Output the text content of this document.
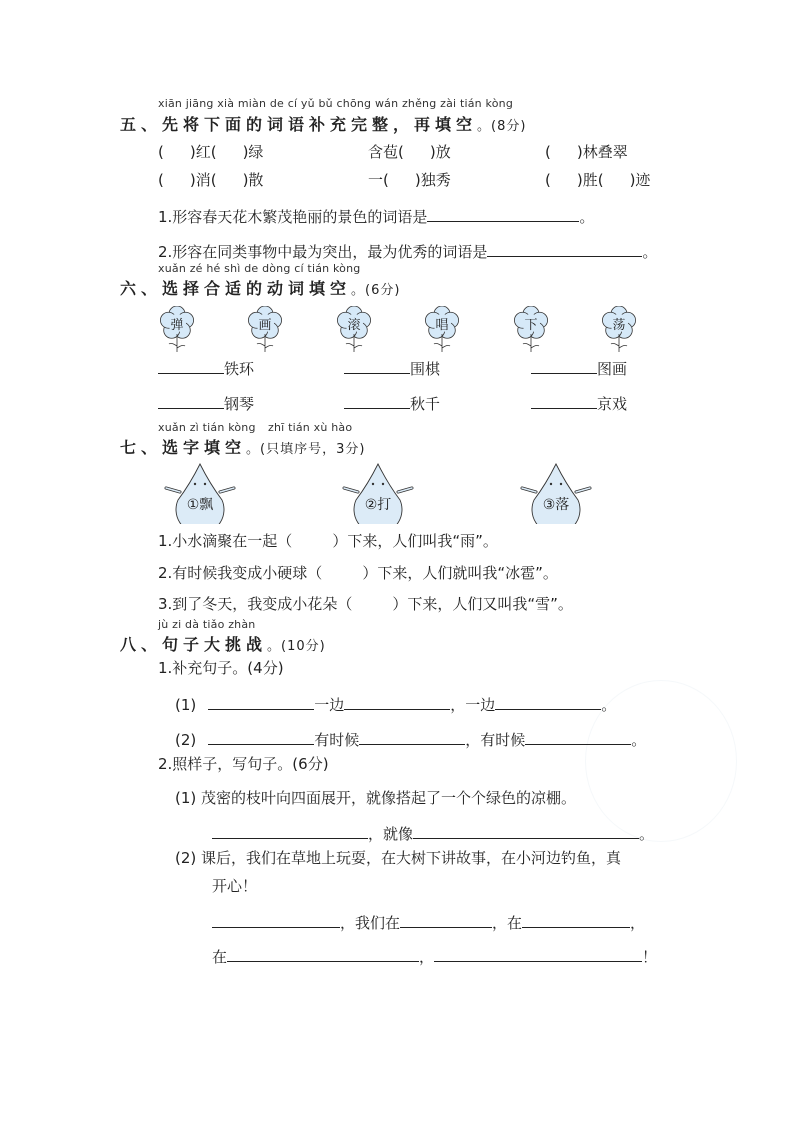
xiān jiāng xià miàn de cí yǔ bǔ chōng wán zhěng zài tián kòng
五、先将下面的词语补充完整，再填空。(8分)
( )红( )绿	含苞( )放	( )林叠翠
( )消( )散	一( )独秀	( )胜( )迹
1.形容春天花木繁茂艳丽的景色的词语是	。
2.形容在同类事物中最为突出，最为优秀的词语是	。
xuǎn zé hé shì de dòng cí tián kòng
六、选择合适的动词填空。(6分)
弹	画	滚	唱	下	荡
铁环	围棋	图画
钢琴	秋千	京戏
xuǎn zì tián kòng zhī tián xù hào
七、选字填空。(只填序号，3分)
①飘	②打	③落
1.小水滴聚在一起（	）下来，人们叫我“雨”。
2.有时候我变成小硬球（	）下来，人们就叫我“冰雹”。
3.到了冬天，我变成小花朵（	）下来，人们又叫我“雪”。
jù zi dà tiǎo zhàn
八、句子大挑战。(10分)
1.补充句子。(4分)
(1)	一边	，一边	。
(2)	有时候	，有时候	。
2.照样子，写句子。(6分)
(1) 茂密的枝叶向四面展开，就像搭起了一个个绿色的凉棚。
，就像	。
(2) 课后，我们在草地上玩耍，在大树下讲故事，在小河边钓鱼，真
开心！
，我们在	，在	，
在	，	！
